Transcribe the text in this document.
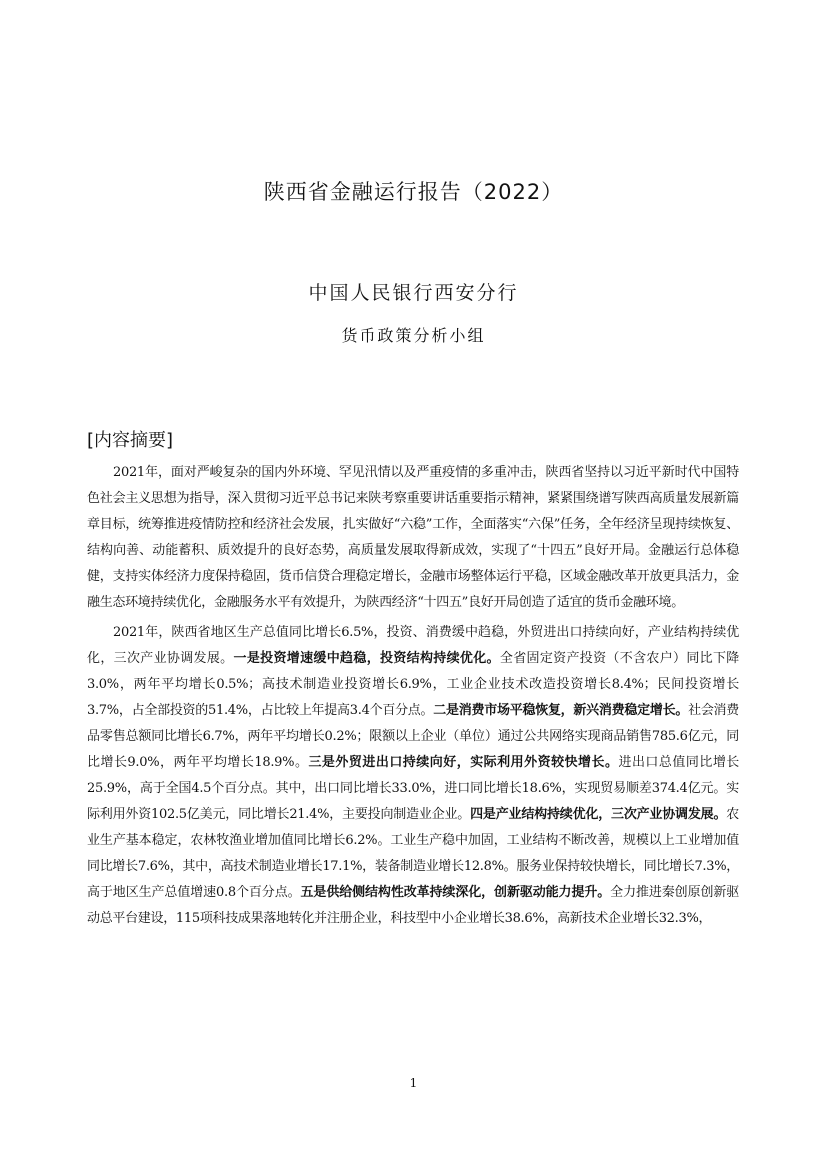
陕西省金融运行报告（2022）
中国人民银行西安分行
货币政策分析小组
[内容摘要]

2021年，面对严峻复杂的国内外环境、罕见汛情以及严重疫情的多重冲击，陕西省坚持以习近平新时代中国特色社会主义思想为指导，深入贯彻习近平总书记来陕考察重要讲话重要指示精神，紧紧围绕谱写陕西高质量发展新篇章目标，统筹推进疫情防控和经济社会发展，扎实做好“六稳”工作，全面落实“六保”任务，全年经济呈现持续恢复、结构向善、动能蓄积、质效提升的良好态势，高质量发展取得新成效，实现了“十四五”良好开局。金融运行总体稳健，支持实体经济力度保持稳固，货币信贷合理稳定增长，金融市场整体运行平稳，区域金融改革开放更具活力，金融生态环境持续优化，金融服务水平有效提升，为陕西经济“十四五”良好开局创造了适宜的货币金融环境。

2021年，陕西省地区生产总值同比增长6.5%，投资、消费缓中趋稳，外贸进出口持续向好，产业结构持续优化，三次产业协调发展。一是投资增速缓中趋稳，投资结构持续优化。全省固定资产投资（不含农户）同比下降3.0%，两年平均增长0.5%；高技术制造业投资增长6.9%，工业企业技术改造投资增长8.4%；民间投资增长3.7%，占全部投资的51.4%，占比较上年提高3.4个百分点。二是消费市场平稳恢复，新兴消费稳定增长。社会消费品零售总额同比增长6.7%，两年平均增长0.2%；限额以上企业（单位）通过公共网络实现商品销售785.6亿元，同比增长9.0%，两年平均增长18.9%。三是外贸进出口持续向好，实际利用外资较快增长。进出口总值同比增长25.9%，高于全国4.5个百分点。其中，出口同比增长33.0%，进口同比增长18.6%，实现贸易顺差374.4亿元。实际利用外资102.5亿美元，同比增长21.4%，主要投向制造业企业。四是产业结构持续优化，三次产业协调发展。农业生产基本稳定，农林牧渔业增加值同比增长6.2%。工业生产稳中加固，工业结构不断改善，规模以上工业增加值同比增长7.6%，其中，高技术制造业增长17.1%，装备制造业增长12.8%。服务业保持较快增长，同比增长7.3%，高于地区生产总值增速0.8个百分点。五是供给侧结构性改革持续深化，创新驱动能力提升。全力推进秦创原创新驱动总平台建设，115项科技成果落地转化并注册企业，科技型中小企业增长38.6%，高新技术企业增长32.3%，

1
